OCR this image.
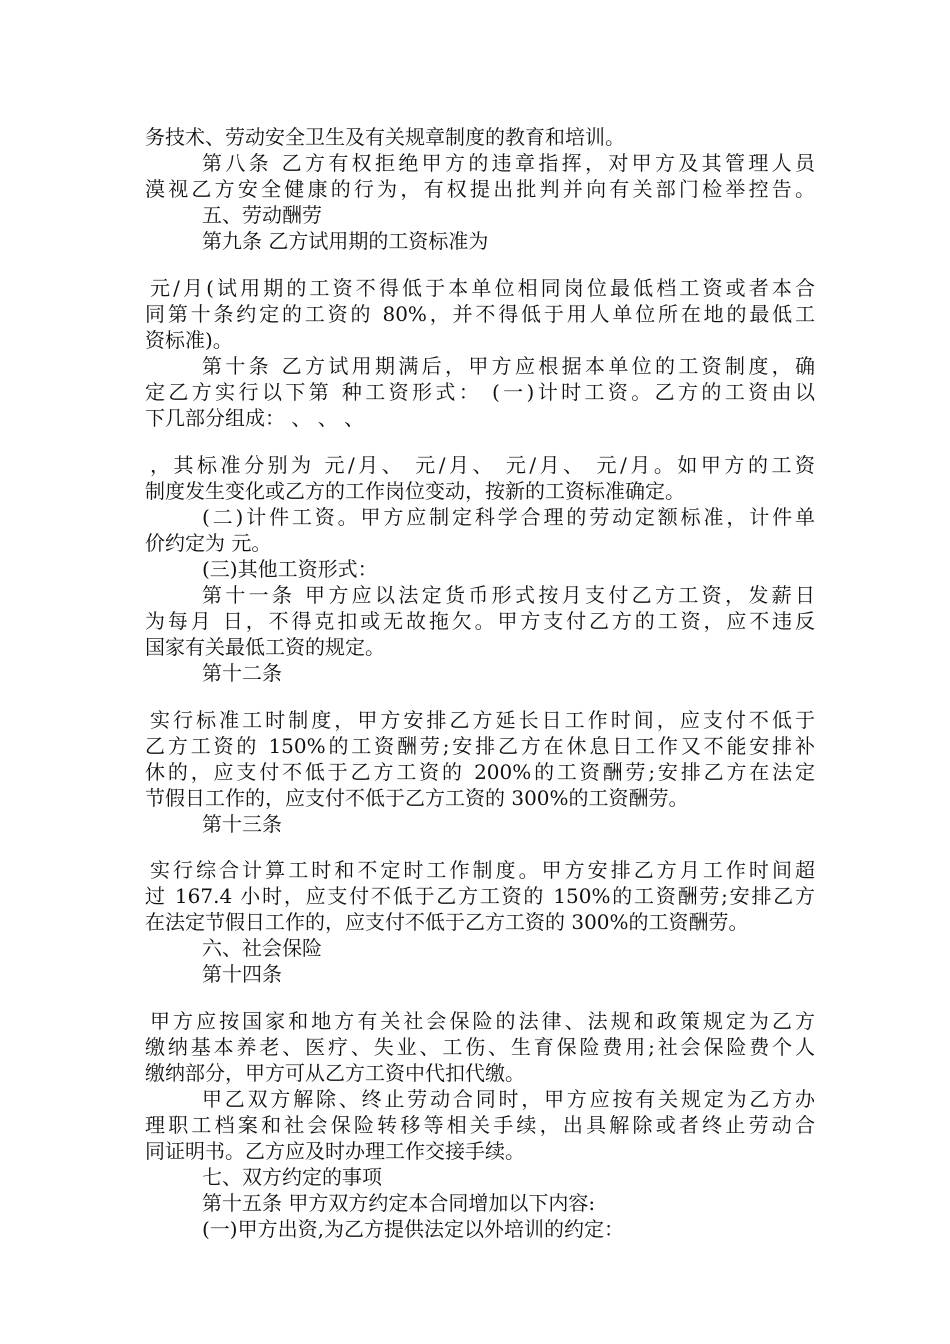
务技术、劳动安全卫生及有关规章制度的教育和培训。
第八条 乙方有权拒绝甲方的违章指挥，对甲方及其管理人员
漠视乙方安全健康的行为，有权提出批判并向有关部门检举控告。
五、劳动酬劳
第九条 乙方试用期的工资标准为
元/月(试用期的工资不得低于本单位相同岗位最低档工资或者本合
同第十条约定的工资的 80%，并不得低于用人单位所在地的最低工
资标准)。
第十条 乙方试用期满后，甲方应根据本单位的工资制度，确
定乙方实行以下第 种工资形式： (一)计时工资。乙方的工资由以
下几部分组成： 、 、 、
，其标准分别为 元/月、 元/月、 元/月、 元/月。如甲方的工资
制度发生变化或乙方的工作岗位变动，按新的工资标准确定。
(二)计件工资。甲方应制定科学合理的劳动定额标准，计件单
价约定为 元。
(三)其他工资形式：
第十一条 甲方应以法定货币形式按月支付乙方工资，发薪日
为每月 日，不得克扣或无故拖欠。甲方支付乙方的工资，应不违反
国家有关最低工资的规定。
第十二条
实行标准工时制度，甲方安排乙方延长日工作时间，应支付不低于
乙方工资的 150%的工资酬劳;安排乙方在休息日工作又不能安排补
休的，应支付不低于乙方工资的 200%的工资酬劳;安排乙方在法定
节假日工作的，应支付不低于乙方工资的 300%的工资酬劳。
第十三条
实行综合计算工时和不定时工作制度。甲方安排乙方月工作时间超
过 167.4 小时，应支付不低于乙方工资的 150%的工资酬劳;安排乙方
在法定节假日工作的，应支付不低于乙方工资的 300%的工资酬劳。
六、社会保险
第十四条
甲方应按国家和地方有关社会保险的法律、法规和政策规定为乙方
缴纳基本养老、医疗、失业、工伤、生育保险费用;社会保险费个人
缴纳部分，甲方可从乙方工资中代扣代缴。
甲乙双方解除、终止劳动合同时，甲方应按有关规定为乙方办
理职工档案和社会保险转移等相关手续，出具解除或者终止劳动合
同证明书。乙方应及时办理工作交接手续。
七、双方约定的事项
第十五条 甲方双方约定本合同增加以下内容:
(一)甲方出资,为乙方提供法定以外培训的约定：
